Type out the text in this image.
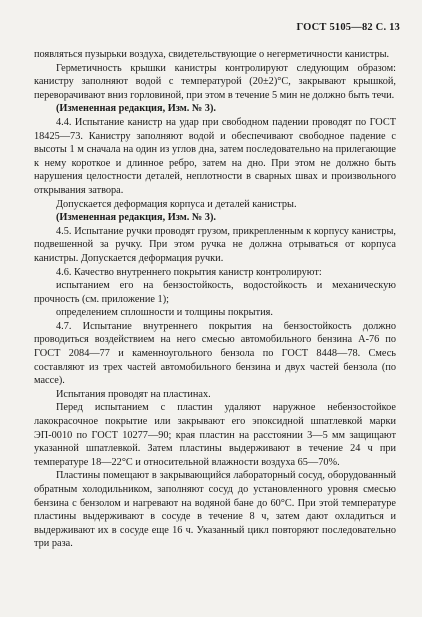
ГОСТ 5105—82 С. 13

появляться пузырьки воздуха, свидетельствующие о негерметичности канистры.

Герметичность крышки канистры контролируют следующим образом: канистру заполняют водой с температурой (20±2)°С, закрывают крышкой, переворачивают вниз горловиной, при этом в течение 5 мин не должно быть течи.

(Измененная редакция, Изм. № 3).

4.4. Испытание канистр на удар при свободном падении проводят по ГОСТ 18425—73. Канистру заполняют водой и обеспечивают свободное падение с высоты 1 м сначала на один из углов дна, затем последовательно на прилегающие к нему короткое и длинное ребро, затем на дно. При этом не должно быть нарушения целостности деталей, неплотности в сварных швах и произвольного открывания затвора.

Допускается деформация корпуса и деталей канистры.

(Измененная редакция, Изм. № 3).

4.5. Испытание ручки проводят грузом, прикрепленным к корпусу канистры, подвешенной за ручку. При этом ручка не должна отрываться от корпуса канистры. Допускается деформация ручки.

4.6. Качество внутреннего покрытия канистр контролируют:

испытанием его на бензостойкость, водостойкость и механическую прочность (см. приложение 1);

определением сплошности и толщины покрытия.

4.7. Испытание внутреннего покрытия на бензостойкость должно проводиться воздействием на него смесью автомобильного бензина А-76 по ГОСТ 2084—77 и каменноугольного бензола по ГОСТ 8448—78. Смесь составляют из трех частей автомобильного бензина и двух частей бензола (по массе).

Испытания проводят на пластинах.

Перед испытанием с пластин удаляют наружное небензостойкое лакокрасочное покрытие или закрывают его эпоксидной шпатлевкой марки ЭП-0010 по ГОСТ 10277—90; края пластин на расстоянии 3—5 мм защищают указанной шпатлевкой. Затем пластины выдерживают в течение 24 ч при температуре 18—22°С и относительной влажности воздуха 65—70%.

Пластины помещают в закрывающийся лабораторный сосуд, оборудованный обратным холодильником, заполняют сосуд до установленного уровня смесью бензина с бензолом и нагревают на водяной бане до 60°С. При этой температуре пластины выдерживают в сосуде в течение 8 ч, затем дают охладиться и выдерживают их в сосуде еще 16 ч. Указанный цикл повторяют последовательно три раза.
